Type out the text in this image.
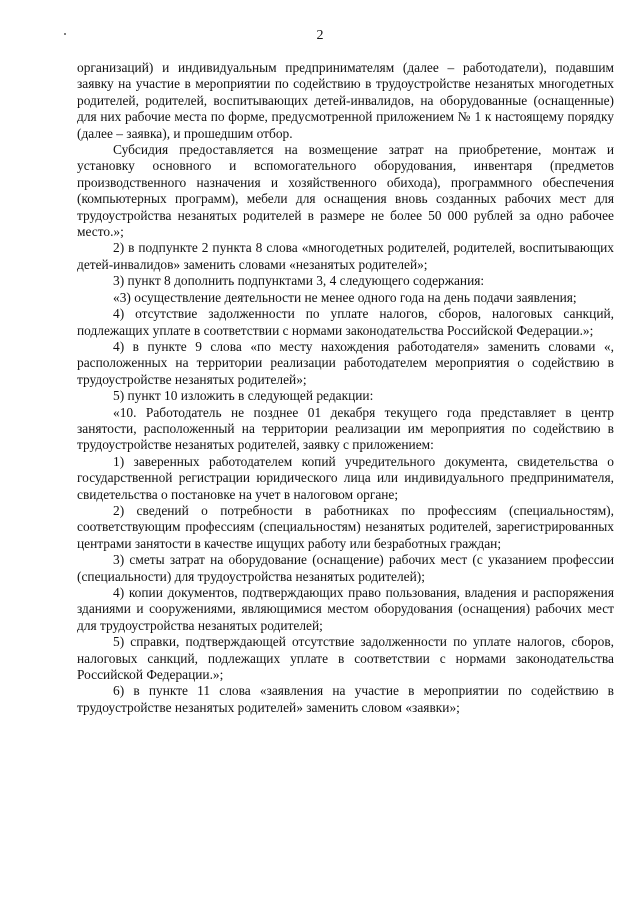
2

организаций) и индивидуальным предпринимателям (далее – работодатели), подавшим заявку на участие в мероприятии по содействию в трудоустройстве незанятых многодетных родителей, родителей, воспитывающих детей-инвалидов, на оборудованные (оснащенные) для них рабочие места по форме, предусмотренной приложением № 1 к настоящему порядку (далее – заявка), и прошедшим отбор.

Субсидия предоставляется на возмещение затрат на приобретение, монтаж и установку основного и вспомогательного оборудования, инвентаря (предметов производственного назначения и хозяйственного обихода), программного обеспечения (компьютерных программ), мебели для оснащения вновь созданных рабочих мест для трудоустройства незанятых родителей в размере не более 50 000 рублей за одно рабочее место.»;

2) в подпункте 2 пункта 8 слова «многодетных родителей, родителей, воспитывающих детей-инвалидов» заменить словами «незанятых родителей»;

3) пункт 8 дополнить подпунктами 3, 4 следующего содержания:

«3) осуществление деятельности не менее одного года на день подачи заявления;

4) отсутствие задолженности по уплате налогов, сборов, налоговых санкций, подлежащих уплате в соответствии с нормами законодательства Российской Федерации.»;

4) в пункте 9 слова «по месту нахождения работодателя» заменить словами «, расположенных на территории реализации работодателем мероприятия о содействию в трудоустройстве незанятых родителей»;

5) пункт 10 изложить в следующей редакции:

«10. Работодатель не позднее 01 декабря текущего года представляет в центр занятости, расположенный на территории реализации им мероприятия по содействию в трудоустройстве незанятых родителей, заявку с приложением:

1) заверенных работодателем копий учредительного документа, свидетельства о государственной регистрации юридического лица или индивидуального предпринимателя, свидетельства о постановке на учет в налоговом органе;

2) сведений о потребности в работниках по профессиям (специальностям), соответствующим профессиям (специальностям) незанятых родителей, зарегистрированных центрами занятости в качестве ищущих работу или безработных граждан;

3) сметы затрат на оборудование (оснащение) рабочих мест (с указанием профессии (специальности) для трудоустройства незанятых родителей);

4) копии документов, подтверждающих право пользования, владения и распоряжения зданиями и сооружениями, являющимися местом оборудования (оснащения) рабочих мест для трудоустройства незанятых родителей;

5) справки, подтверждающей отсутствие задолженности по уплате налогов, сборов, налоговых санкций, подлежащих уплате в соответствии с нормами законодательства Российской Федерации.»;

6) в пункте 11 слова «заявления на участие в мероприятии по содействию в трудоустройстве незанятых родителей» заменить словом «заявки»;
